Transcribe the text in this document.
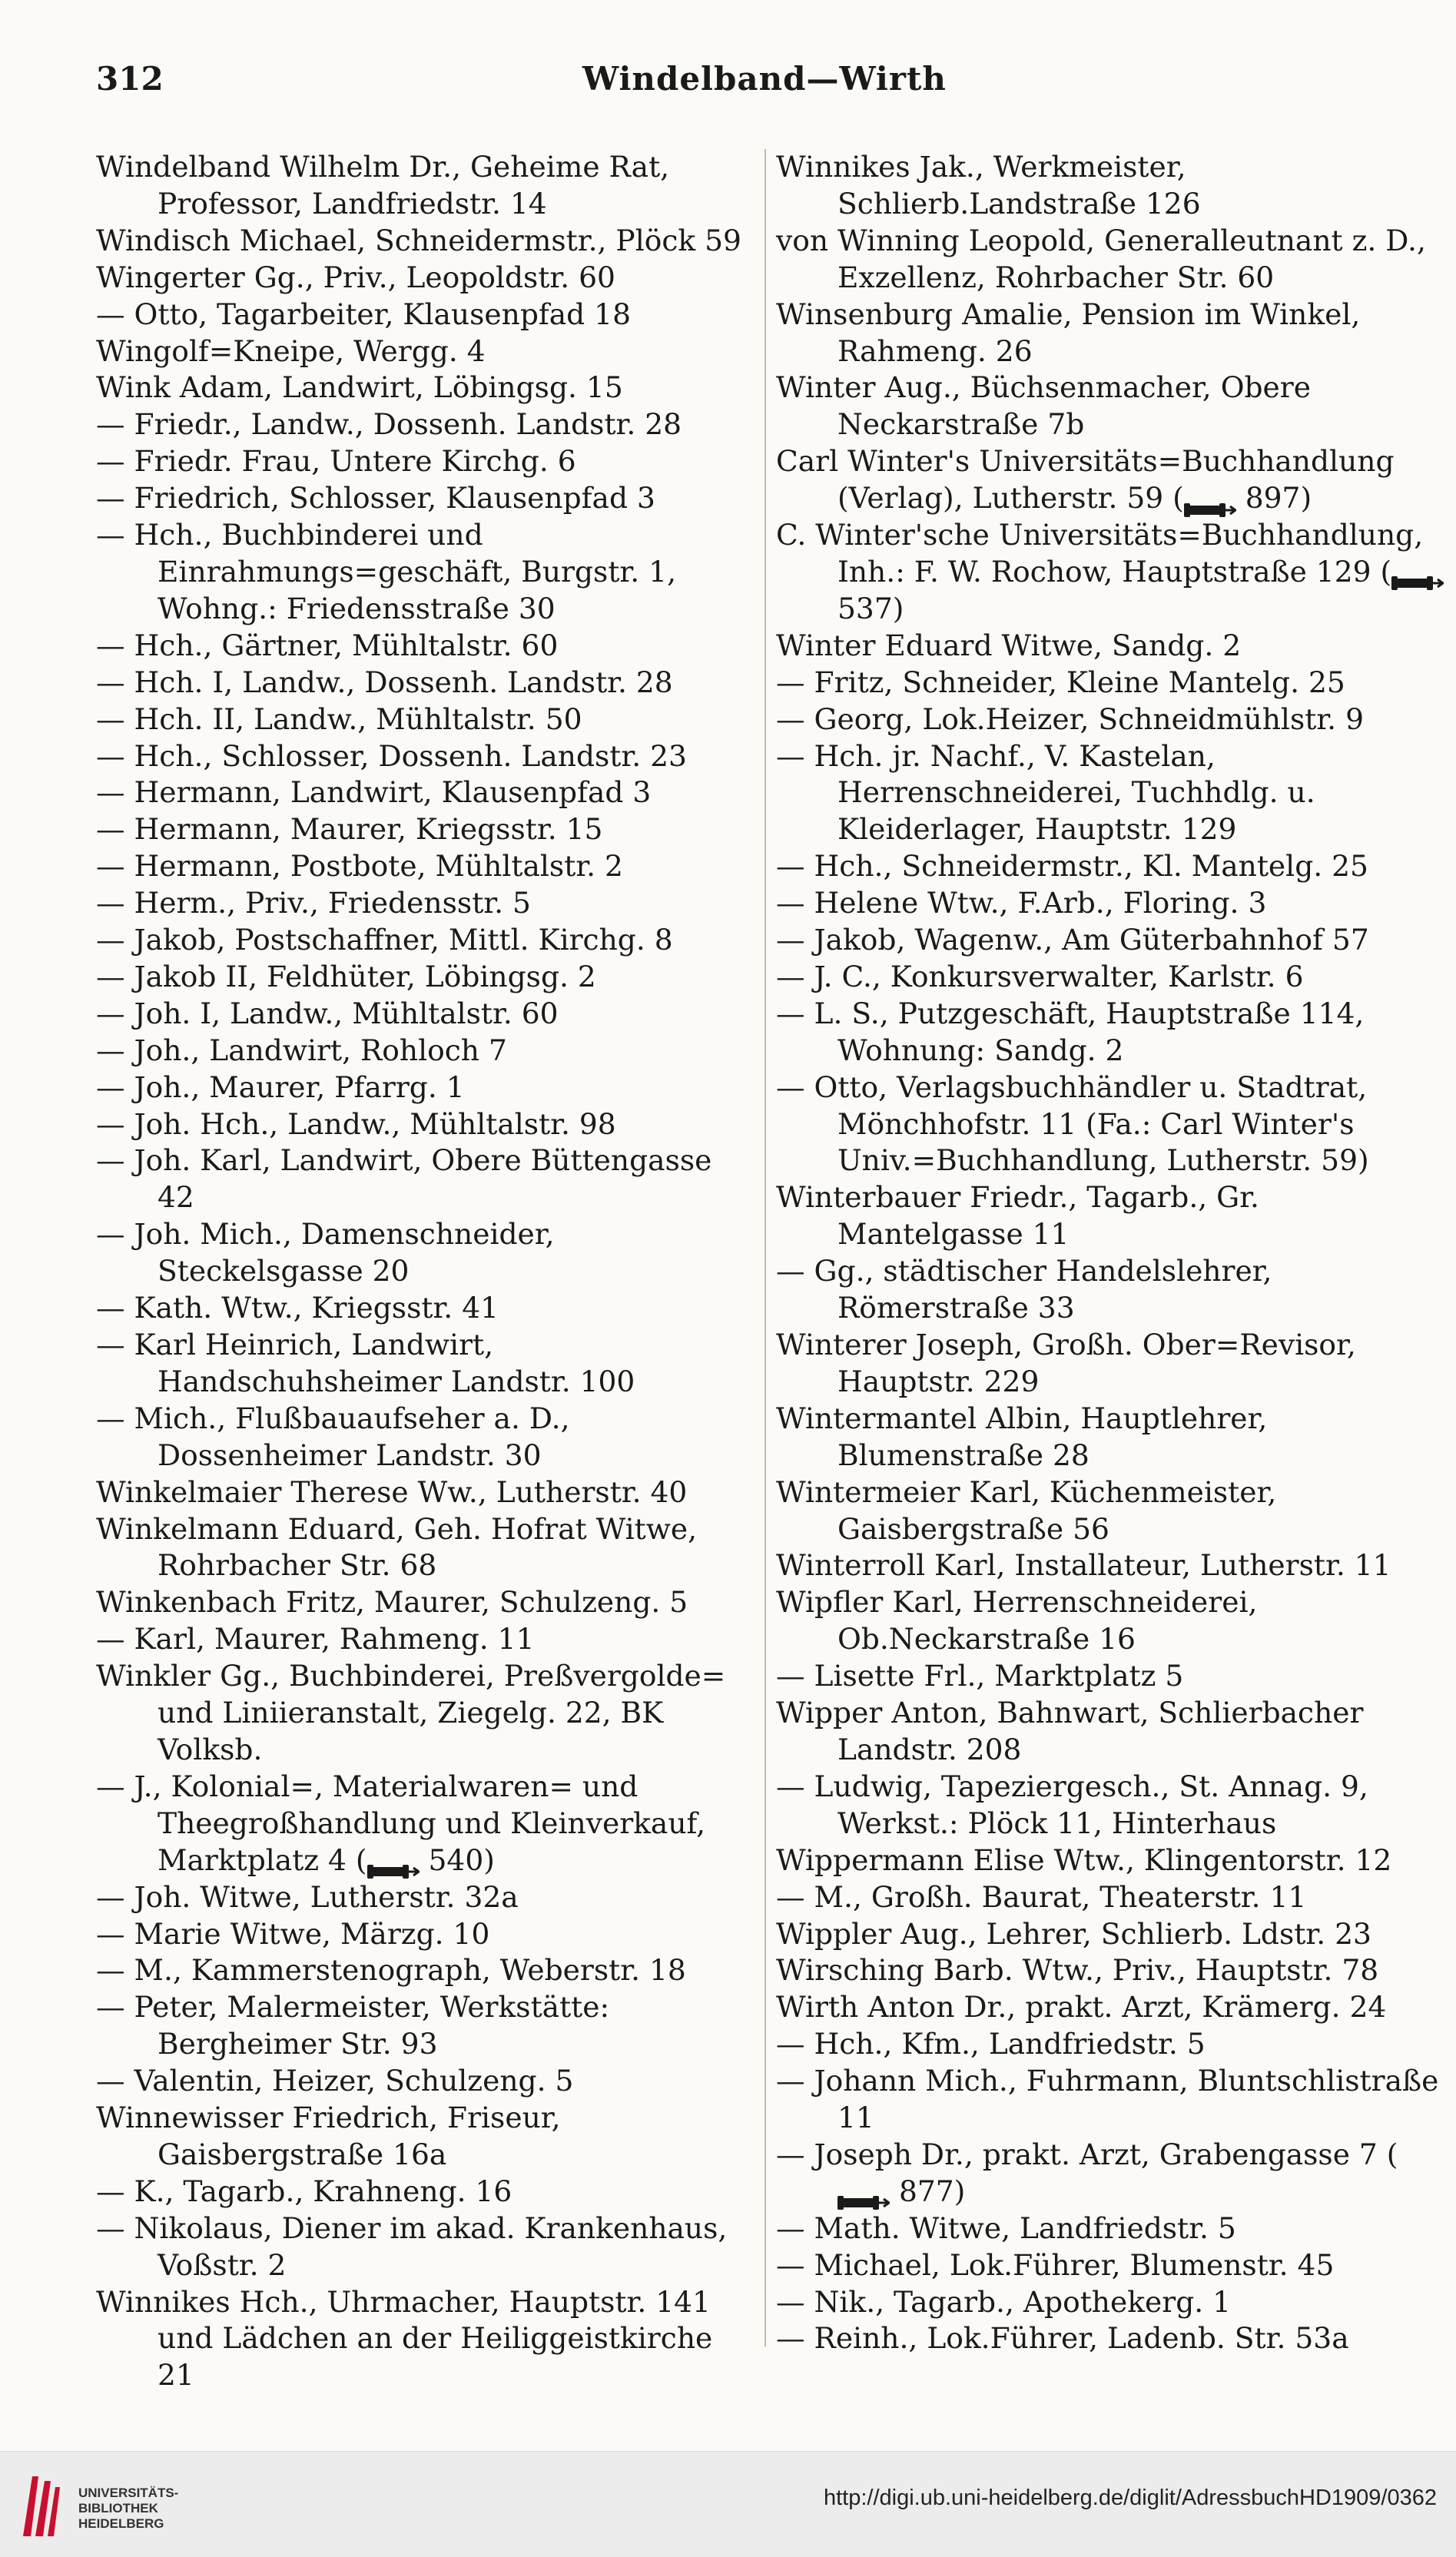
312	Windelband—Wirth
Windelband Wilhelm Dr., Geheime Rat, Professor, Landfriedstr. 14
Windisch Michael, Schneidermstr., Plöck 59
Wingerter Gg., Priv., Leopoldstr. 60
— Otto, Tagarbeiter, Klausenpfad 18
Wingolf=Kneipe, Wergg. 4
Wink Adam, Landwirt, Löbingsg. 15
— Friedr., Landw., Dossenh. Landstr. 28
— Friedr. Frau, Untere Kirchg. 6
— Friedrich, Schlosser, Klausenpfad 3
— Hch., Buchbinderei und Einrahmungs=geschäft, Burgstr. 1, Wohng.: Friedensstraße 30
— Hch., Gärtner, Mühltalstr. 60
— Hch. I, Landw., Dossenh. Landstr. 28
— Hch. II, Landw., Mühltalstr. 50
— Hch., Schlosser, Dossenh. Landstr. 23
— Hermann, Landwirt, Klausenpfad 3
— Hermann, Maurer, Kriegsstr. 15
— Hermann, Postbote, Mühltalstr. 2
— Herm., Priv., Friedensstr. 5
— Jakob, Postschaffner, Mittl. Kirchg. 8
— Jakob II, Feldhüter, Löbingsg. 2
— Joh. I, Landw., Mühltalstr. 60
— Joh., Landwirt, Rohloch 7
— Joh., Maurer, Pfarrg. 1
— Joh. Hch., Landw., Mühltalstr. 98
— Joh. Karl, Landwirt, Obere Büttengasse 42
— Joh. Mich., Damenschneider, Steckelsgasse 20
— Kath. Wtw., Kriegsstr. 41
— Karl Heinrich, Landwirt, Handschuhsheimer Landstr. 100
— Mich., Flußbauaufseher a. D., Dossenheimer Landstr. 30
Winkelmaier Therese Ww., Lutherstr. 40
Winkelmann Eduard, Geh. Hofrat Witwe, Rohrbacher Str. 68
Winkenbach Fritz, Maurer, Schulzeng. 5
— Karl, Maurer, Rahmeng. 11
Winkler Gg., Buchbinderei, Preßvergolde= und Liniieranstalt, Ziegelg. 22, BK Volksb.
— J., Kolonial=, Materialwaren= und Theegroßhandlung und Kleinverkauf, Marktplatz 4 ( 540)
— Joh. Witwe, Lutherstr. 32a
— Marie Witwe, Märzg. 10
— M., Kammerstenograph, Weberstr. 18
— Peter, Malermeister, Werkstätte: Bergheimer Str. 93
— Valentin, Heizer, Schulzeng. 5
Winnewisser Friedrich, Friseur, Gaisbergstraße 16a
— K., Tagarb., Krahneng. 16
— Nikolaus, Diener im akad. Krankenhaus, Voßstr. 2
Winnikes Hch., Uhrmacher, Hauptstr. 141 und Lädchen an der Heiliggeistkirche 21
Winnikes Jak., Werkmeister, Schlierb.Landstraße 126
von Winning Leopold, Generalleutnant z. D., Exzellenz, Rohrbacher Str. 60
Winsenburg Amalie, Pension im Winkel, Rahmeng. 26
Winter Aug., Büchsenmacher, Obere Neckarstraße 7b
Carl Winter's Universitäts=Buchhandlung (Verlag), Lutherstr. 59 ( 897)
C. Winter'sche Universitäts=Buchhandlung, Inh.: F. W. Rochow, Hauptstraße 129 ( 537)
Winter Eduard Witwe, Sandg. 2
— Fritz, Schneider, Kleine Mantelg. 25
— Georg, Lok.Heizer, Schneidmühlstr. 9
— Hch. jr. Nachf., V. Kastelan, Herrenschneiderei, Tuchhdlg. u. Kleiderlager, Hauptstr. 129
— Hch., Schneidermstr., Kl. Mantelg. 25
— Helene Wtw., F.Arb., Floring. 3
— Jakob, Wagenw., Am Güterbahnhof 57
— J. C., Konkursverwalter, Karlstr. 6
— L. S., Putzgeschäft, Hauptstraße 114, Wohnung: Sandg. 2
— Otto, Verlagsbuchhändler u. Stadtrat, Mönchhofstr. 11 (Fa.: Carl Winter's Univ.=Buchhandlung, Lutherstr. 59)
Winterbauer Friedr., Tagarb., Gr. Mantelgasse 11
— Gg., städtischer Handelslehrer, Römerstraße 33
Winterer Joseph, Großh. Ober=Revisor, Hauptstr. 229
Wintermantel Albin, Hauptlehrer, Blumenstraße 28
Wintermeier Karl, Küchenmeister, Gaisbergstraße 56
Winterroll Karl, Installateur, Lutherstr. 11
Wipfler Karl, Herrenschneiderei, Ob.Neckarstraße 16
— Lisette Frl., Marktplatz 5
Wipper Anton, Bahnwart, Schlierbacher Landstr. 208
— Ludwig, Tapeziergesch., St. Annag. 9, Werkst.: Plöck 11, Hinterhaus
Wippermann Elise Wtw., Klingentorstr. 12
— M., Großh. Baurat, Theaterstr. 11
Wippler Aug., Lehrer, Schlierb. Ldstr. 23
Wirsching Barb. Wtw., Priv., Hauptstr. 78
Wirth Anton Dr., prakt. Arzt, Krämerg. 24
— Hch., Kfm., Landfriedstr. 5
— Johann Mich., Fuhrmann, Bluntschlistraße 11
— Joseph Dr., prakt. Arzt, Grabengasse 7 ( 877)
— Math. Witwe, Landfriedstr. 5
— Michael, Lok.Führer, Blumenstr. 45
— Nik., Tagarb., Apothekerg. 1
— Reinh., Lok.Führer, Ladenb. Str. 53a
UNIVERSITÄTS-
BIBLIOTHEK
HEIDELBERG
http://digi.ub.uni-heidelberg.de/diglit/AdressbuchHD1909/0362
